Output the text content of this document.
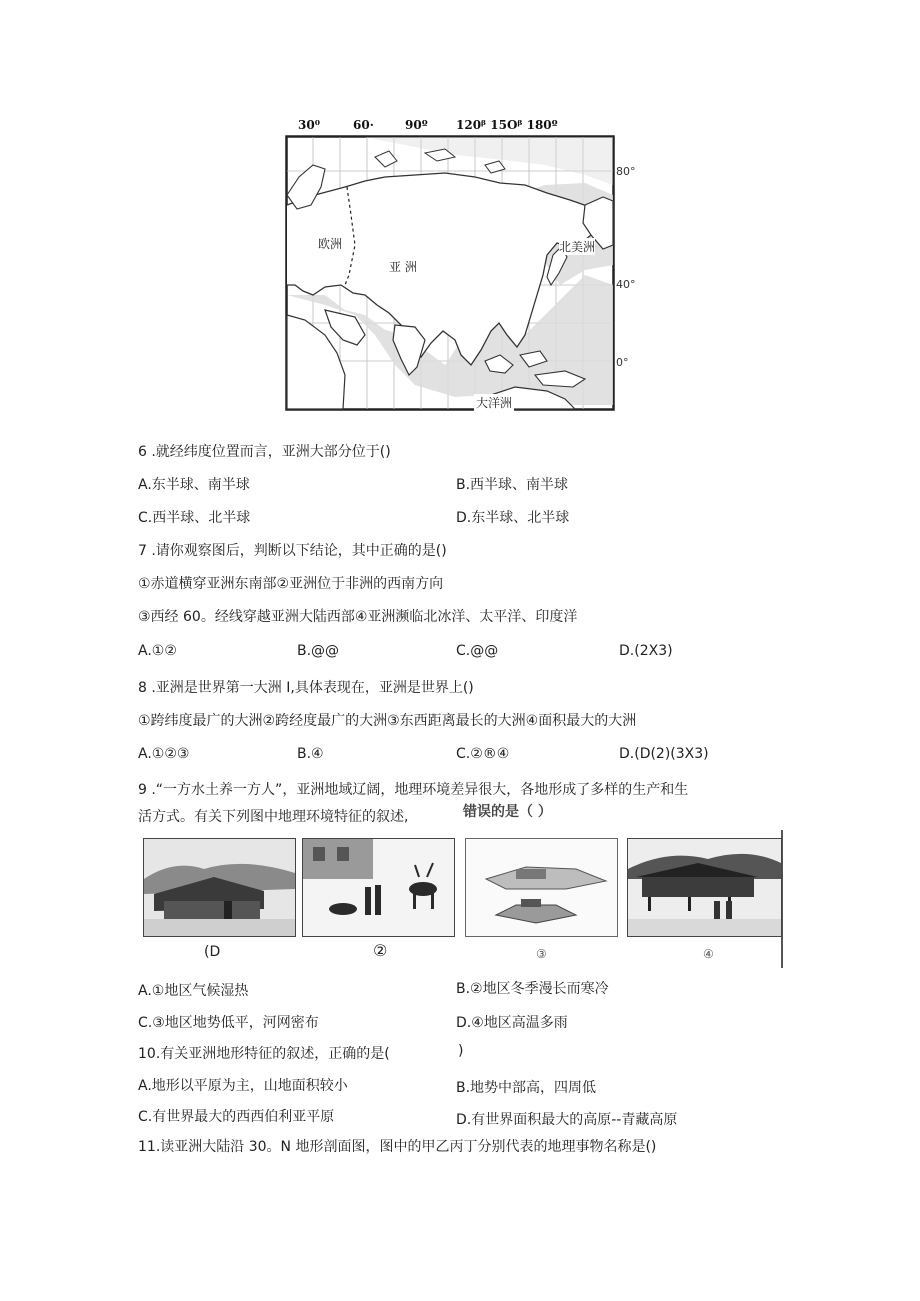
30⁰	60·	90º 120ᵝ 15Oᵝ 180º
80°
40°
0°
欧洲
亚 洲
北美洲
大洋洲
6 .就经纬度位置而言，亚洲大部分位于()
A.东半球、南半球	B.西半球、南半球
C.西半球、北半球	D.东半球、北半球
7 .请你观察图后，判断以下结论，其中正确的是()
①赤道横穿亚洲东南部②亚洲位于非洲的西南方向
③西经 60。经线穿越亚洲大陆西部④亚洲濒临北冰洋、太平洋、印度洋
A.①②	B.@@	C.@@	D.(2X3)
8 .亚洲是世界第一大洲 I,具体表现在，亚洲是世界上()
①跨纬度最广的大洲②跨经度最广的大洲③东西距离最长的大洲④面积最大的大洲
A.①②③	B.④	C.②®④	D.(D(2)(3X3)
9 .“一方水土养一方人”，亚洲地域辽阔，地理环境差异很大，各地形成了多样的生产和生
活方式。有关下列图中地理环境特征的叙述,	错误的是（ ）
(D	②	③	④
A.①地区气候湿热	B.②地区冬季漫长而寒冷
C.③地区地势低平，河网密布	D.④地区高温多雨
10.有关亚洲地形特征的叙述，正确的是(	)
A.地形以平原为主，山地面积较小	B.地势中部高，四周低
C.有世界最大的西西伯利亚平原	D.有世界面积最大的高原--青藏高原
11.读亚洲大陆沿 30。N 地形剖面图，图中的甲乙丙丁分别代表的地理事物名称是()
